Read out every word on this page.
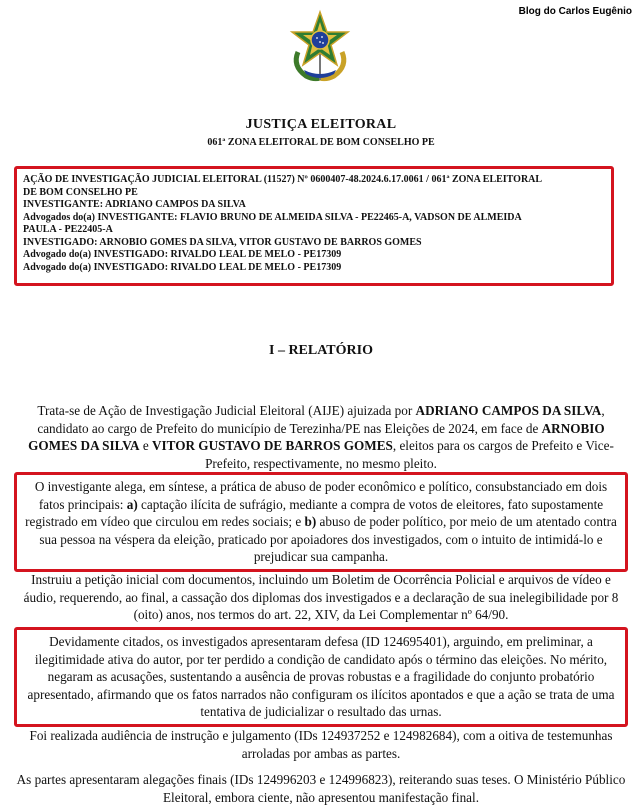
Blog do Carlos Eugênio
JUSTIÇA ELEITORAL
061ª ZONA ELEITORAL DE BOM CONSELHO PE
AÇÃO DE INVESTIGAÇÃO JUDICIAL ELEITORAL (11527) Nº 0600407-48.2024.6.17.0061 / 061ª ZONA ELEITORAL
DE BOM CONSELHO PE
INVESTIGANTE: ADRIANO CAMPOS DA SILVA
Advogados do(a) INVESTIGANTE: FLAVIO BRUNO DE ALMEIDA SILVA - PE22465-A, VADSON DE ALMEIDA
PAULA - PE22405-A
INVESTIGADO: ARNOBIO GOMES DA SILVA, VITOR GUSTAVO DE BARROS GOMES
Advogado do(a) INVESTIGADO: RIVALDO LEAL DE MELO - PE17309
Advogado do(a) INVESTIGADO: RIVALDO LEAL DE MELO - PE17309
I – RELATÓRIO
Trata-se de Ação de Investigação Judicial Eleitoral (AIJE) ajuizada por ADRIANO CAMPOS DA SILVA, candidato ao cargo de Prefeito do município de Terezinha/PE nas Eleições de 2024, em face de ARNOBIO GOMES DA SILVA e VITOR GUSTAVO DE BARROS GOMES, eleitos para os cargos de Prefeito e Vice-Prefeito, respectivamente, no mesmo pleito.
O investigante alega, em síntese, a prática de abuso de poder econômico e político, consubstanciado em dois fatos principais: a) captação ilícita de sufrágio, mediante a compra de votos de eleitores, fato supostamente registrado em vídeo que circulou em redes sociais; e b) abuso de poder político, por meio de um atentado contra sua pessoa na véspera da eleição, praticado por apoiadores dos investigados, com o intuito de intimidá-lo e prejudicar sua campanha.
Instruiu a petição inicial com documentos, incluindo um Boletim de Ocorrência Policial e arquivos de vídeo e áudio, requerendo, ao final, a cassação dos diplomas dos investigados e a declaração de sua inelegibilidade por 8 (oito) anos, nos termos do art. 22, XIV, da Lei Complementar nº 64/90.
Devidamente citados, os investigados apresentaram defesa (ID 124695401), arguindo, em preliminar, a ilegitimidade ativa do autor, por ter perdido a condição de candidato após o término das eleições. No mérito, negaram as acusações, sustentando a ausência de provas robustas e a fragilidade do conjunto probatório apresentado, afirmando que os fatos narrados não configuram os ilícitos apontados e que a ação se trata de uma tentativa de judicializar o resultado das urnas.
Foi realizada audiência de instrução e julgamento (IDs 124937252 e 124982684), com a oitiva de testemunhas arroladas por ambas as partes.
As partes apresentaram alegações finais (IDs 124996203 e 124996823), reiterando suas teses. O Ministério Público Eleitoral, embora ciente, não apresentou manifestação final.
